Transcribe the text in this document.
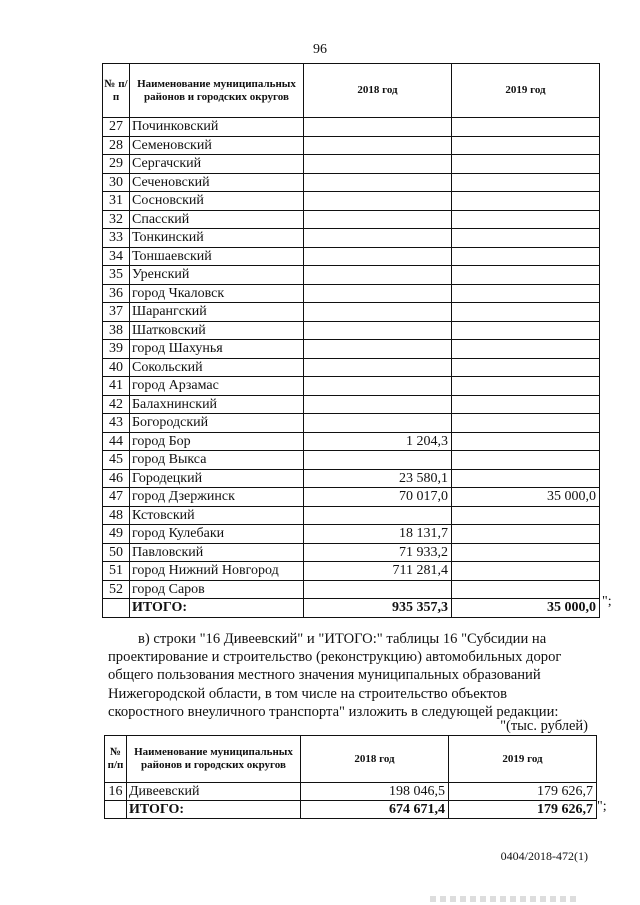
96
№ п/п	Наименование муниципальных районов и городских округов	2018 год	2019 год
27	Починковский		
28	Семеновский		
29	Сергачский		
30	Сеченовский		
31	Сосновский		
32	Спасский		
33	Тонкинский		
34	Тоншаевский		
35	Уренский		
36	город Чкаловск		
37	Шарангский		
38	Шатковский		
39	город Шахунья		
40	Сокольский		
41	город Арзамас		
42	Балахнинский		
43	Богородский		
44	город Бор	1 204,3	
45	город Выкса		
46	Городецкий	23 580,1	
47	город Дзержинск	70 017,0	35 000,0
48	Кстовский		
49	город Кулебаки	18 131,7	
50	Павловский	71 933,2	
51	город Нижний Новгород	711 281,4	
52	город Саров		
	ИТОГО:	935 357,3	35 000,0 ";
в) строки "16 Дивеевский" и "ИТОГО:" таблицы 16 "Субсидии на
проектирование и строительство (реконструкцию) автомобильных дорог
общего пользования местного значения муниципальных образований
Нижегородской области, в том числе на строительство объектов
скоростного внеуличного транспорта" изложить в следующей редакции:
"(тыс. рублей)
№ п/п	Наименование муниципальных районов и городских округов	2018 год	2019 год
16	Дивеевский	198 046,5	179 626,7
	ИТОГО:	674 671,4	179 626,7 ";
0404/2018-472(1)
